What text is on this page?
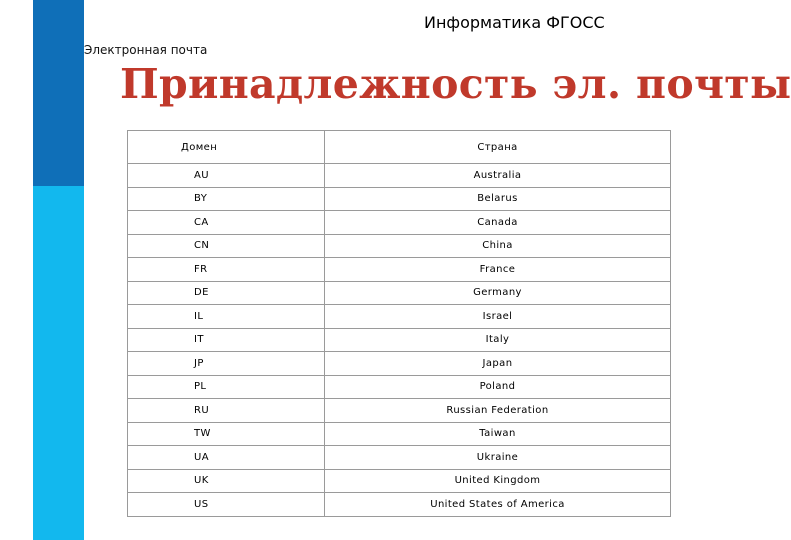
Информатика ФГОСС
Электронная почта
Принадлежность эл. почты
Домен	Страна
AU	Australia
BY	Belarus
CA	Canada
CN	China
FR	France
DE	Germany
IL	Israel
IT	Italy
JP	Japan
PL	Poland
RU	Russian Federation
TW	Taiwan
UA	Ukraine
UK	United Kingdom
US	United States of America
